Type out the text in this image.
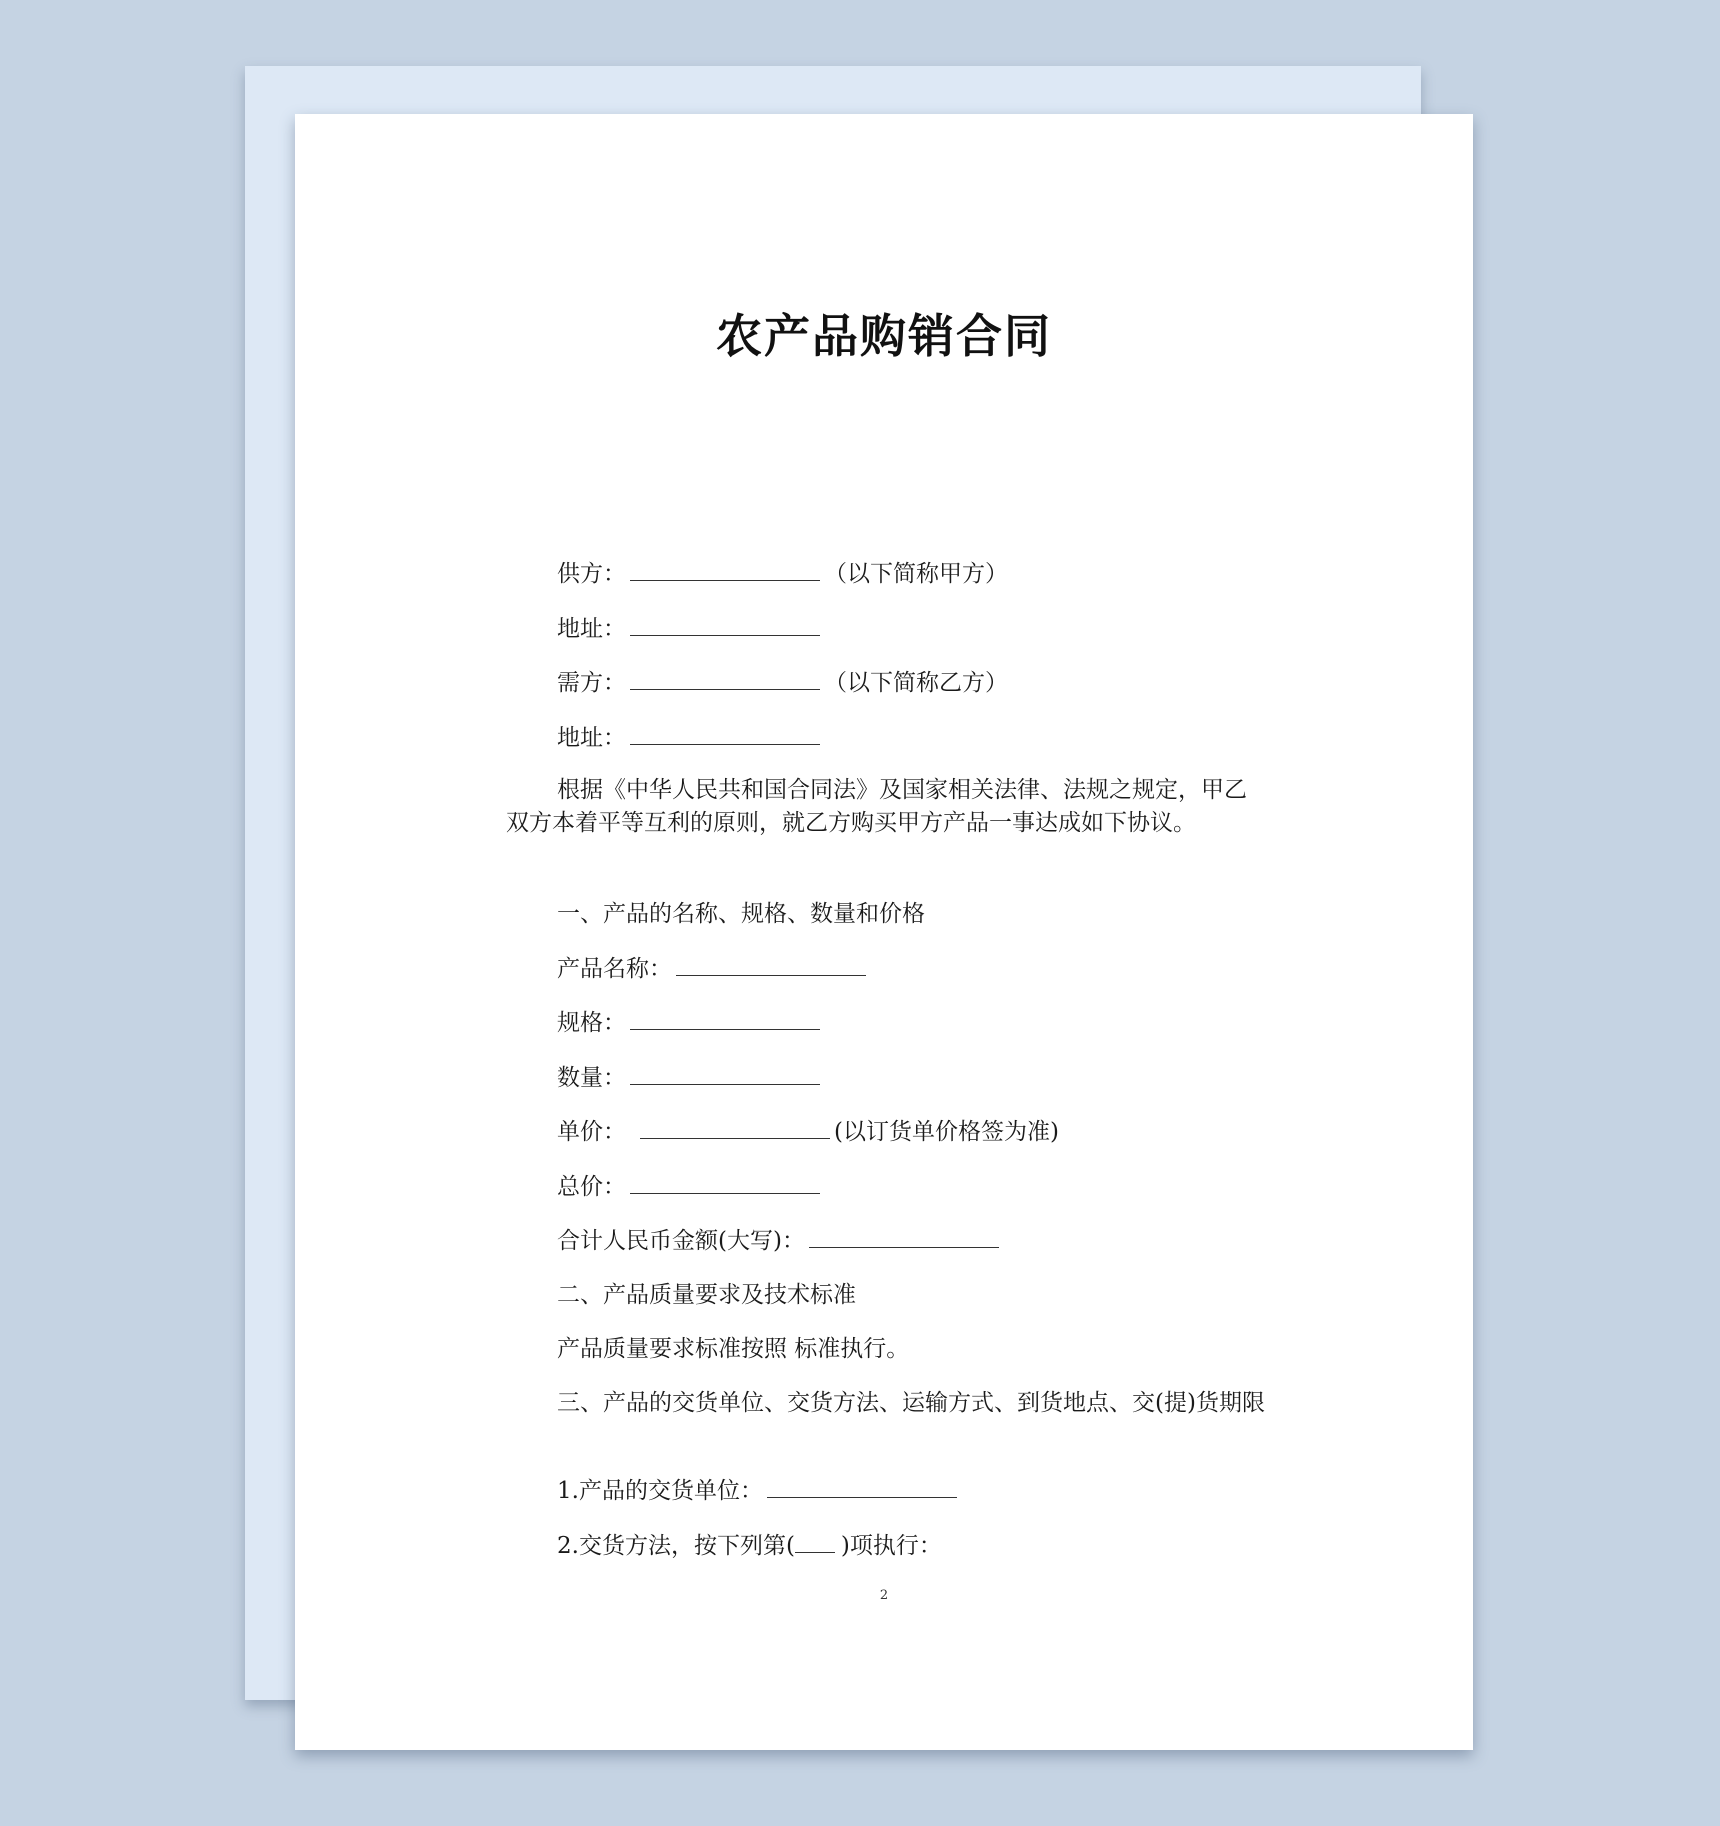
农产品购销合同
供方：	（以下简称甲方）
地址：
需方：	（以下简称乙方）
地址：
根据《中华人民共和国合同法》及国家相关法律、法规之规定，甲乙双方本着平等互利的原则，就乙方购买甲方产品一事达成如下协议。
一、产品的名称、规格、数量和价格
产品名称：
规格：
数量：
单价：	(以订货单价格签为准)
总价：
合计人民币金额(大写)：
二、产品质量要求及技术标准
产品质量要求标准按照 标准执行。
三、产品的交货单位、交货方法、运输方式、到货地点、交(提)货期限
1.产品的交货单位：
2.交货方法，按下列第( )项执行：
2
